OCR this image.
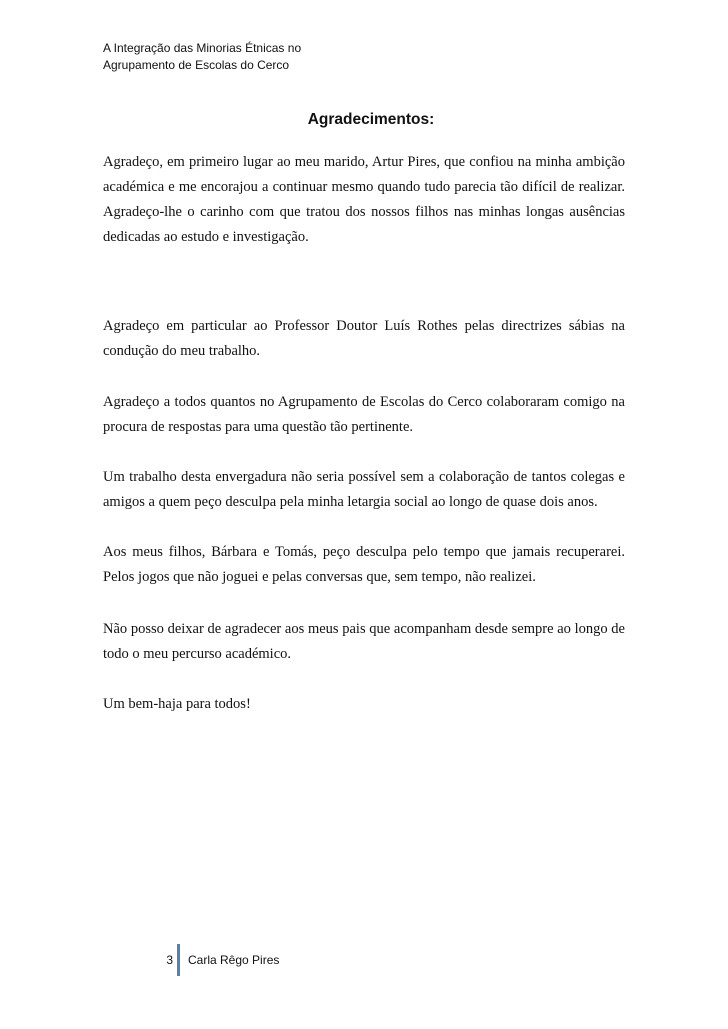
A Integração das Minorias Étnicas no
Agrupamento de Escolas do Cerco
Agradecimentos:
Agradeço, em primeiro lugar ao meu marido, Artur Pires, que confiou na minha ambição académica e me encorajou a continuar mesmo quando tudo parecia tão difícil de realizar. Agradeço-lhe o carinho com que tratou dos nossos filhos nas minhas longas ausências dedicadas ao estudo e investigação.
Agradeço em particular ao Professor Doutor Luís Rothes pelas directrizes sábias na condução do meu trabalho.
Agradeço a todos quantos no Agrupamento de Escolas do Cerco colaboraram comigo na procura de respostas para uma questão tão pertinente.
Um trabalho desta envergadura não seria possível sem a colaboração de tantos colegas e amigos a quem peço desculpa pela minha letargia social ao longo de quase dois anos.
Aos meus filhos, Bárbara e Tomás, peço desculpa pelo tempo que jamais recuperarei. Pelos jogos que não joguei e pelas conversas que, sem tempo, não realizei.
Não posso deixar de agradecer aos meus pais que acompanham desde sempre ao longo de todo o meu percurso académico.
Um bem-haja para todos!
3 Carla Rêgo Pires
